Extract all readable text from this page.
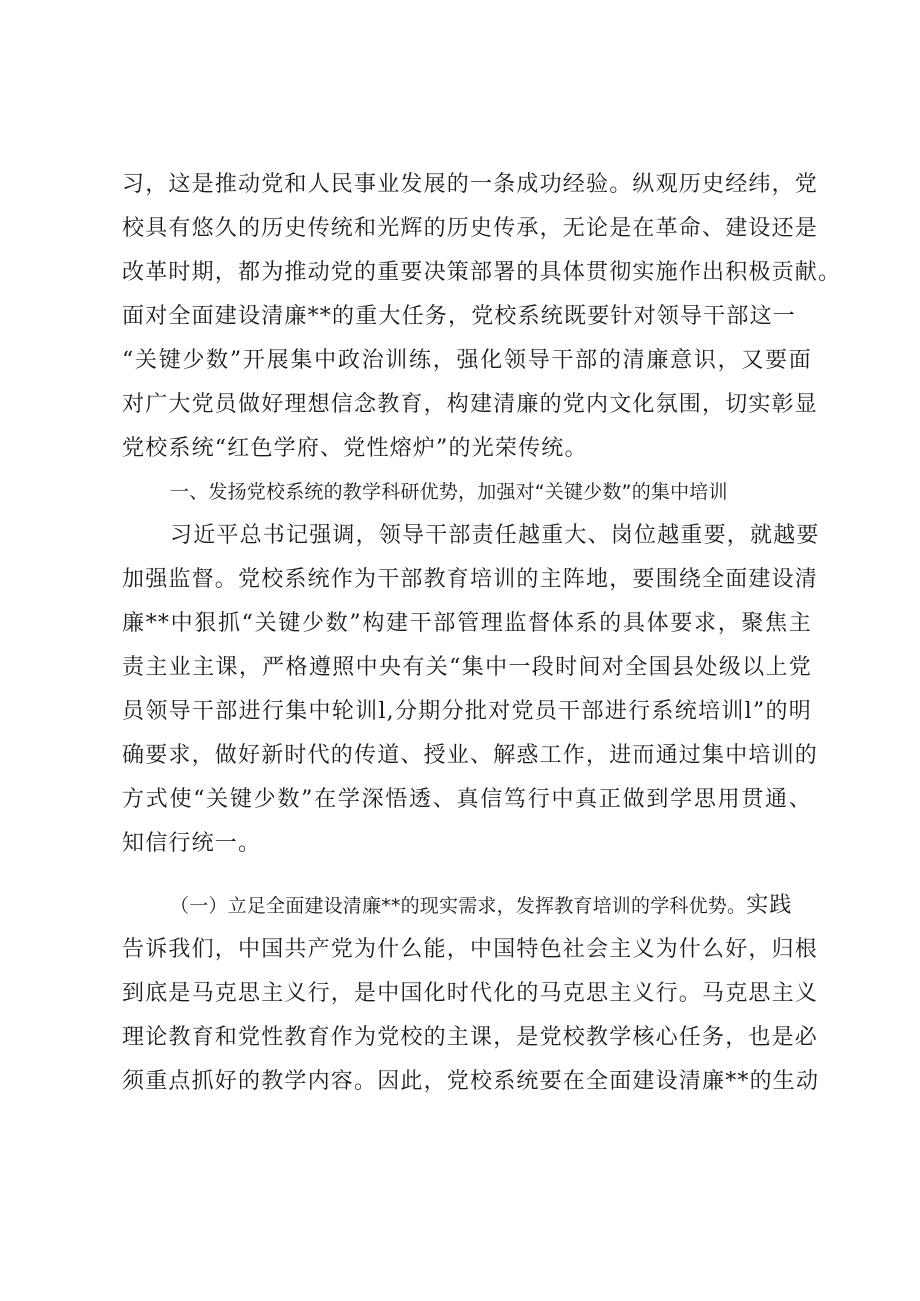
习，这是推动党和人民事业发展的一条成功经验。纵观历史经纬，党
校具有悠久的历史传统和光辉的历史传承，无论是在革命、建设还是
改革时期，都为推动党的重要决策部署的具体贯彻实施作出积极贡献。
面对全面建设清廉**的重大任务，党校系统既要针对领导干部这一
“关键少数”开展集中政治训练，强化领导干部的清廉意识，又要面
对广大党员做好理想信念教育，构建清廉的党内文化氛围，切实彰显
党校系统“红色学府、党性熔炉”的光荣传统。
一、发扬党校系统的教学科研优势，加强对“关键少数”的集中培训
习近平总书记强调，领导干部责任越重大、岗位越重要，就越要
加强监督。党校系统作为干部教育培训的主阵地，要围绕全面建设清
廉**中狠抓“关键少数”构建干部管理监督体系的具体要求，聚焦主
责主业主课，严格遵照中央有关“集中一段时间对全国县处级以上党
员领导干部进行集中轮训l,分期分批对党员干部进行系统培训l”的明
确要求，做好新时代的传道、授业、解惑工作，进而通过集中培训的
方式使“关键少数”在学深悟透、真信笃行中真正做到学思用贯通、
知信行统一。
（一）立足全面建设清廉**的现实需求，发挥教育培训的学科优势。实践
告诉我们，中国共产党为什么能，中国特色社会主义为什么好，归根
到底是马克思主义行，是中国化时代化的马克思主义行。马克思主义
理论教育和党性教育作为党校的主课，是党校教学核心任务，也是必
须重点抓好的教学内容。因此，党校系统要在全面建设清廉**的生动
